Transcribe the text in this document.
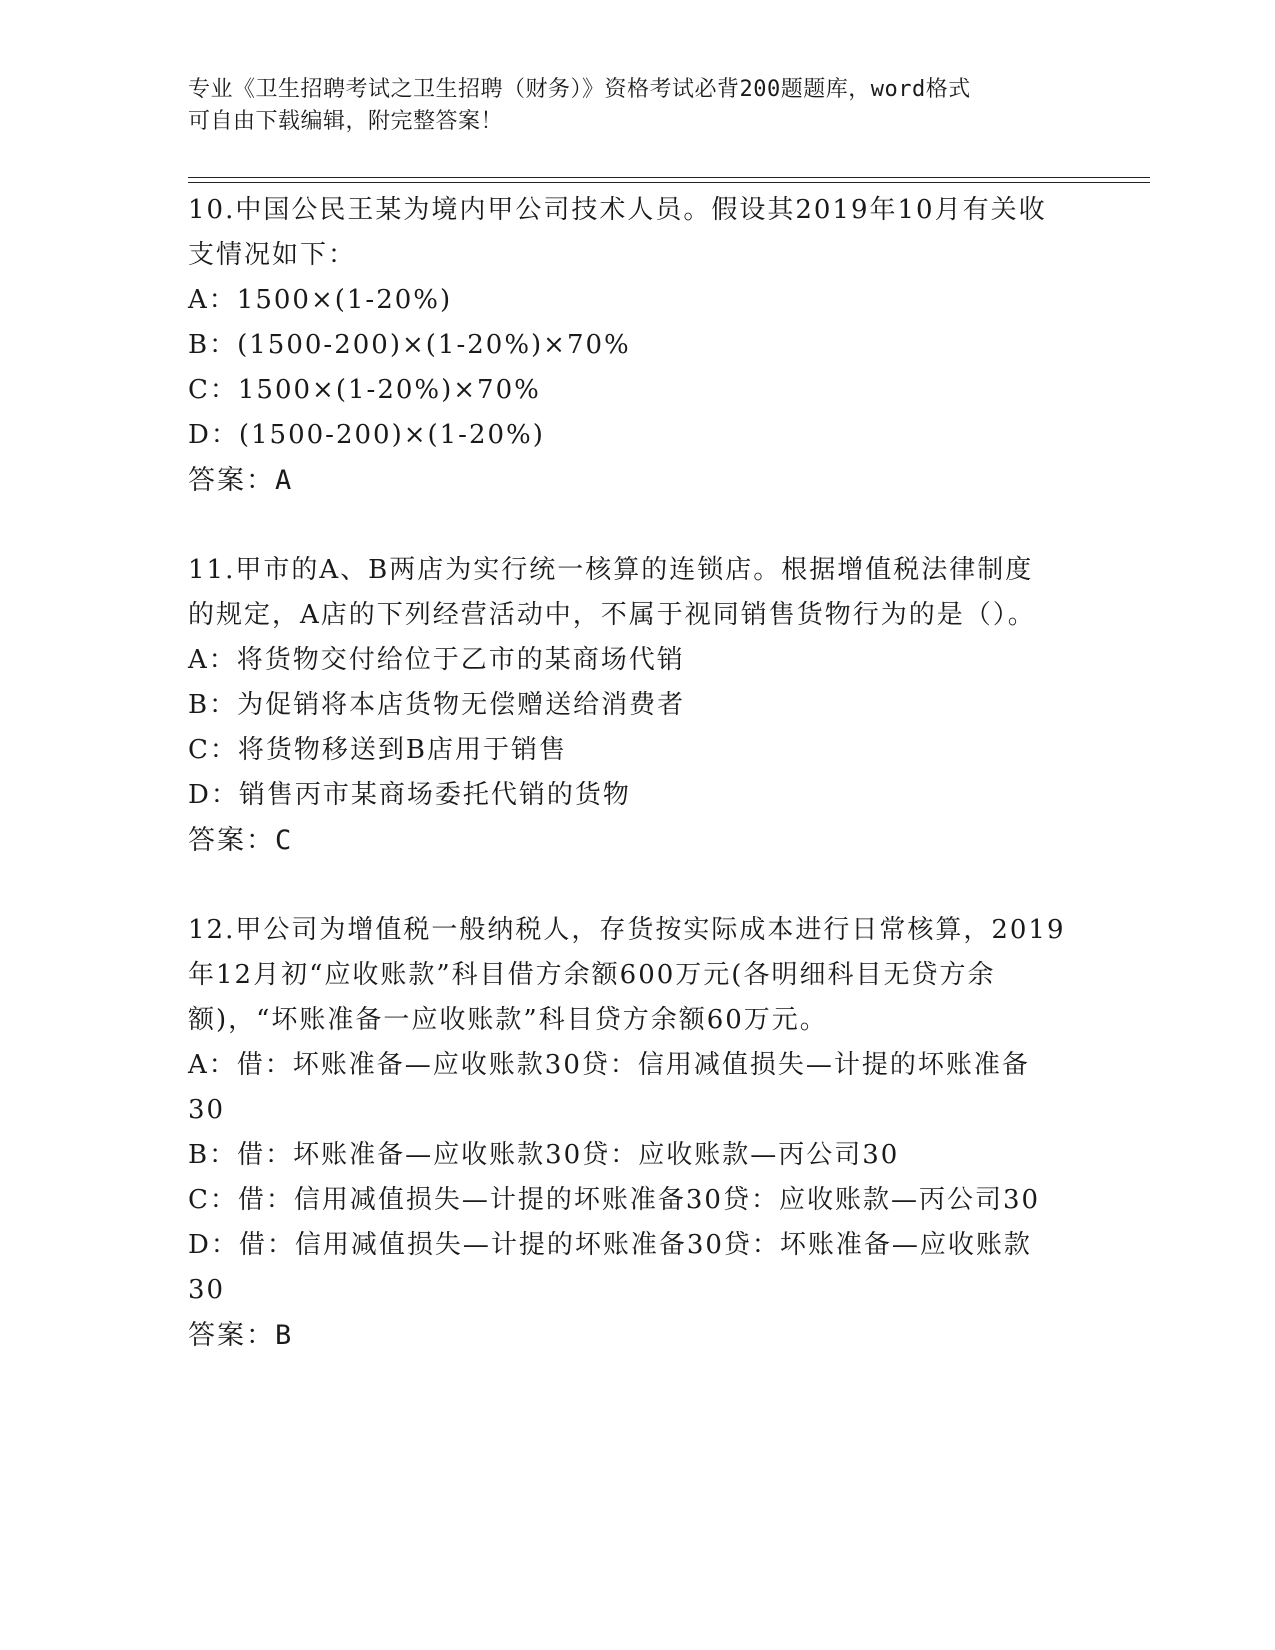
专业《卫生招聘考试之卫生招聘（财务）》资格考试必背200题题库，word格式
可自由下载编辑，附完整答案！
10.中国公民王某为境内甲公司技术人员。假设其2019年10月有关收
支情况如下：
A：1500×(1-20%)
B：(1500-200)×(1-20%)×70%
C：1500×(1-20%)×70%
D：(1500-200)×(1-20%)
答案：A
11.甲市的A、B两店为实行统一核算的连锁店。根据增值税法律制度
的规定，A店的下列经营活动中，不属于视同销售货物行为的是（）。
A：将货物交付给位于乙市的某商场代销
B：为促销将本店货物无偿赠送给消费者
C：将货物移送到B店用于销售
D：销售丙市某商场委托代销的货物
答案：C
12.甲公司为增值税一般纳税人，存货按实际成本进行日常核算，2019
年12月初“应收账款”科目借方余额600万元(各明细科目无贷方余
额)，“坏账准备一应收账款”科目贷方余额60万元。
A：借：坏账准备—应收账款30贷：信用减值损失—计提的坏账准备
30
B：借：坏账准备—应收账款30贷：应收账款—丙公司30
C：借：信用减值损失—计提的坏账准备30贷：应收账款—丙公司30
D：借：信用减值损失—计提的坏账准备30贷：坏账准备—应收账款
30
答案：B
